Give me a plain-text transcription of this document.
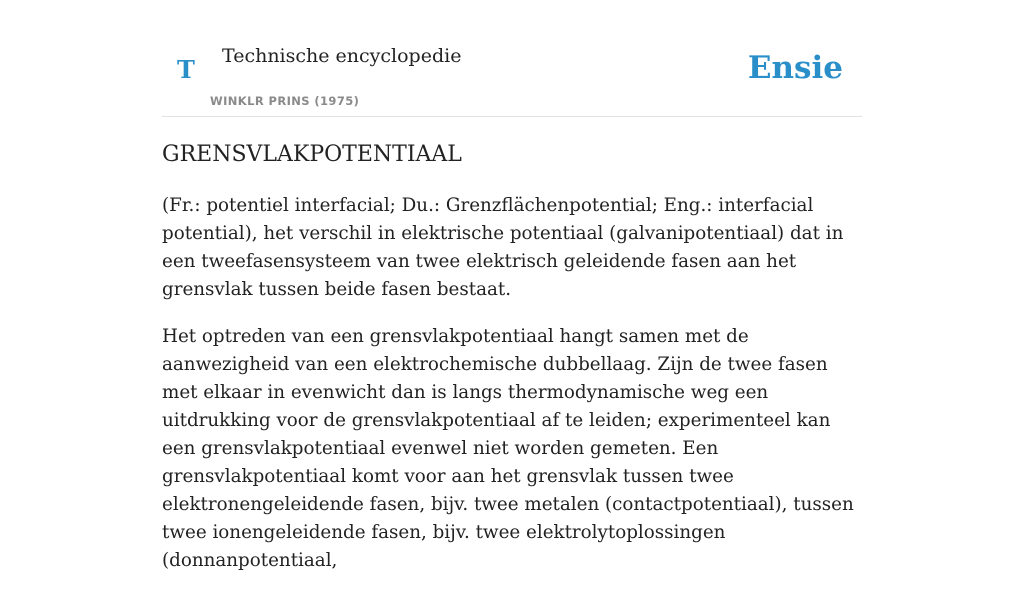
T Technische encyclopedie
WINKLR PRINS (1975)
Ensie
GRENSVLAKPOTENTIAAL

(Fr.: potentiel interfacial; Du.: Grenzflächenpotential; Eng.: interfacial potential), het verschil in elektrische potentiaal (galvanipotentiaal) dat in een tweefasensysteem van twee elektrisch geleidende fasen aan het grensvlak tussen beide fasen bestaat.

Het optreden van een grensvlakpotentiaal hangt samen met de aanwezigheid van een elektrochemische dubbellaag. Zijn de twee fasen met elkaar in evenwicht dan is langs thermodynamische weg een uitdrukking voor de grensvlakpotentiaal af te leiden; experimenteel kan een grensvlakpotentiaal evenwel niet worden gemeten. Een grensvlakpotentiaal komt voor aan het grensvlak tussen twee elektronengeleidende fasen, bijv. twee metalen (contactpotentiaal), tussen twee ionengeleidende fasen, bijv. twee elektrolytoplossingen (donnanpotentiaal,
